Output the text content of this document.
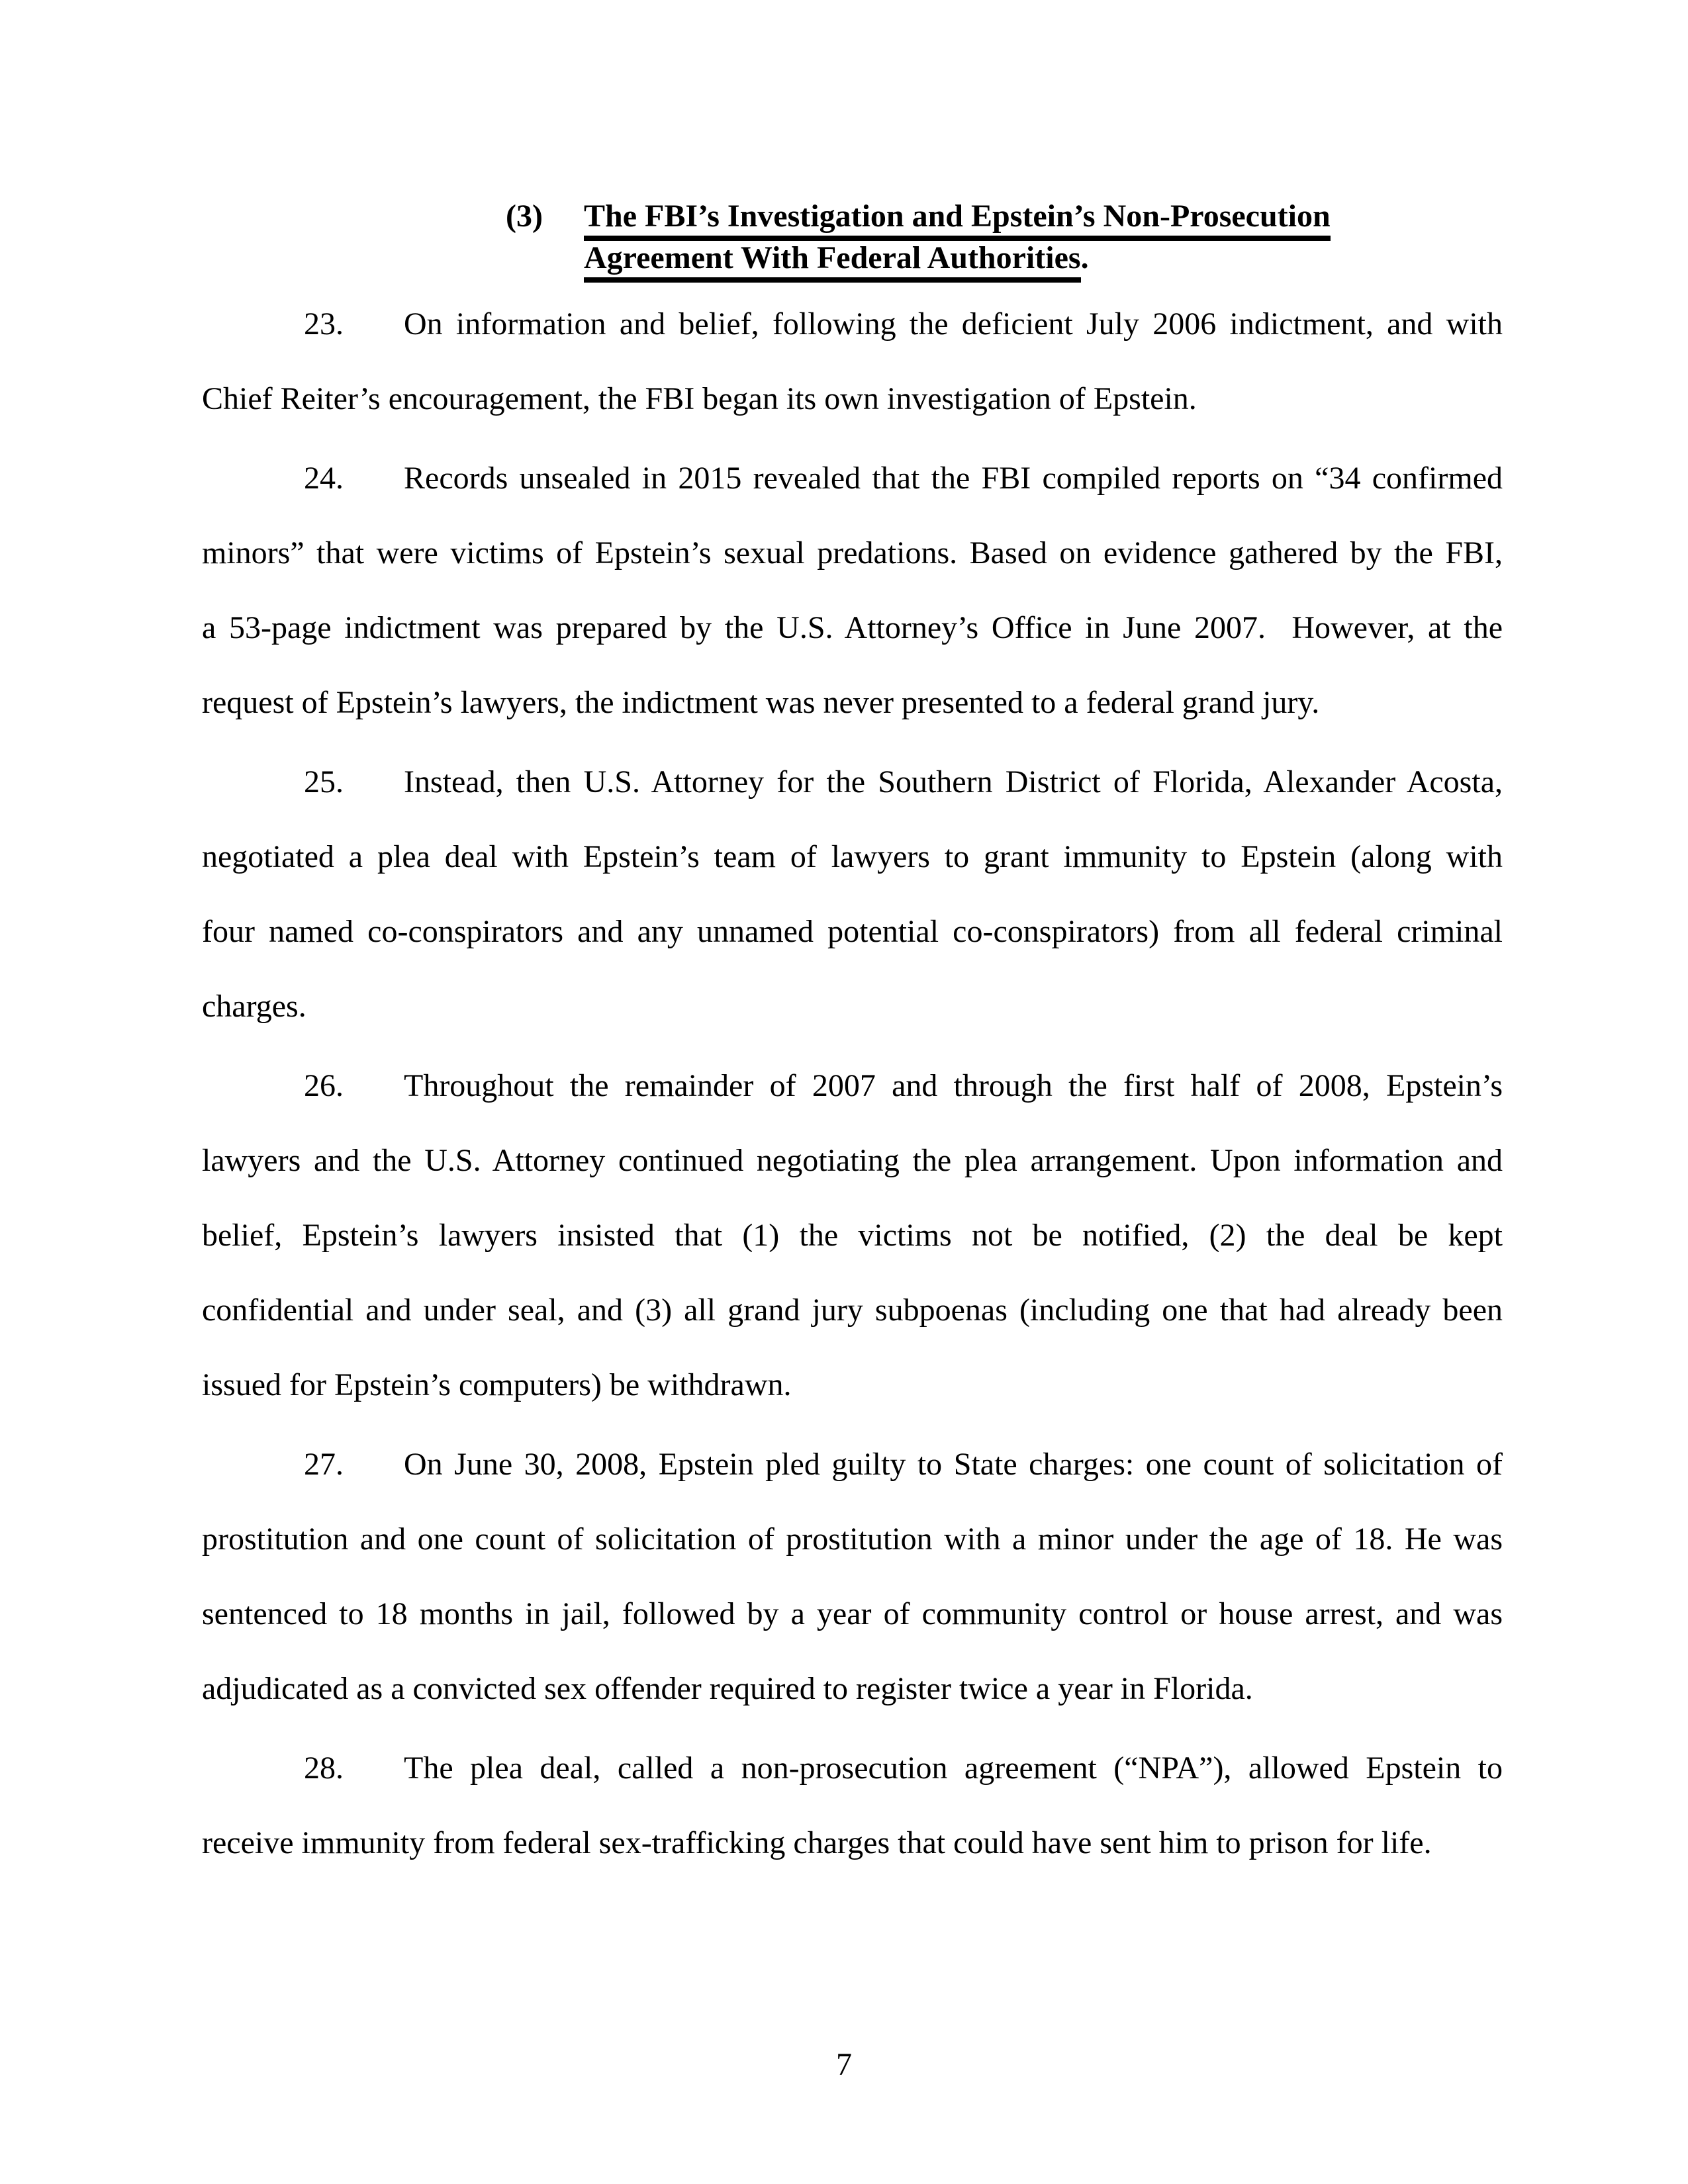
(3) The FBI’s Investigation and Epstein’s Non-Prosecution
Agreement With Federal Authorities.
23. On information and belief, following the deficient July 2006 indictment, and with
Chief Reiter’s encouragement, the FBI began its own investigation of Epstein.
24. Records unsealed in 2015 revealed that the FBI compiled reports on “34 confirmed
minors” that were victims of Epstein’s sexual predations. Based on evidence gathered by the FBI,
a 53-page indictment was prepared by the U.S. Attorney’s Office in June 2007.  However, at the
request of Epstein’s lawyers, the indictment was never presented to a federal grand jury.
25. Instead, then U.S. Attorney for the Southern District of Florida, Alexander Acosta,
negotiated a plea deal with Epstein’s team of lawyers to grant immunity to Epstein (along with
four named co-conspirators and any unnamed potential co-conspirators) from all federal criminal
charges.
26. Throughout the remainder of 2007 and through the first half of 2008, Epstein’s
lawyers and the U.S. Attorney continued negotiating the plea arrangement. Upon information and
belief, Epstein’s lawyers insisted that (1) the victims not be notified, (2) the deal be kept
confidential and under seal, and (3) all grand jury subpoenas (including one that had already been
issued for Epstein’s computers) be withdrawn.
27. On June 30, 2008, Epstein pled guilty to State charges: one count of solicitation of
prostitution and one count of solicitation of prostitution with a minor under the age of 18. He was
sentenced to 18 months in jail, followed by a year of community control or house arrest, and was
adjudicated as a convicted sex offender required to register twice a year in Florida.
28. The plea deal, called a non-prosecution agreement (“NPA”), allowed Epstein to
receive immunity from federal sex-trafficking charges that could have sent him to prison for life.
7
